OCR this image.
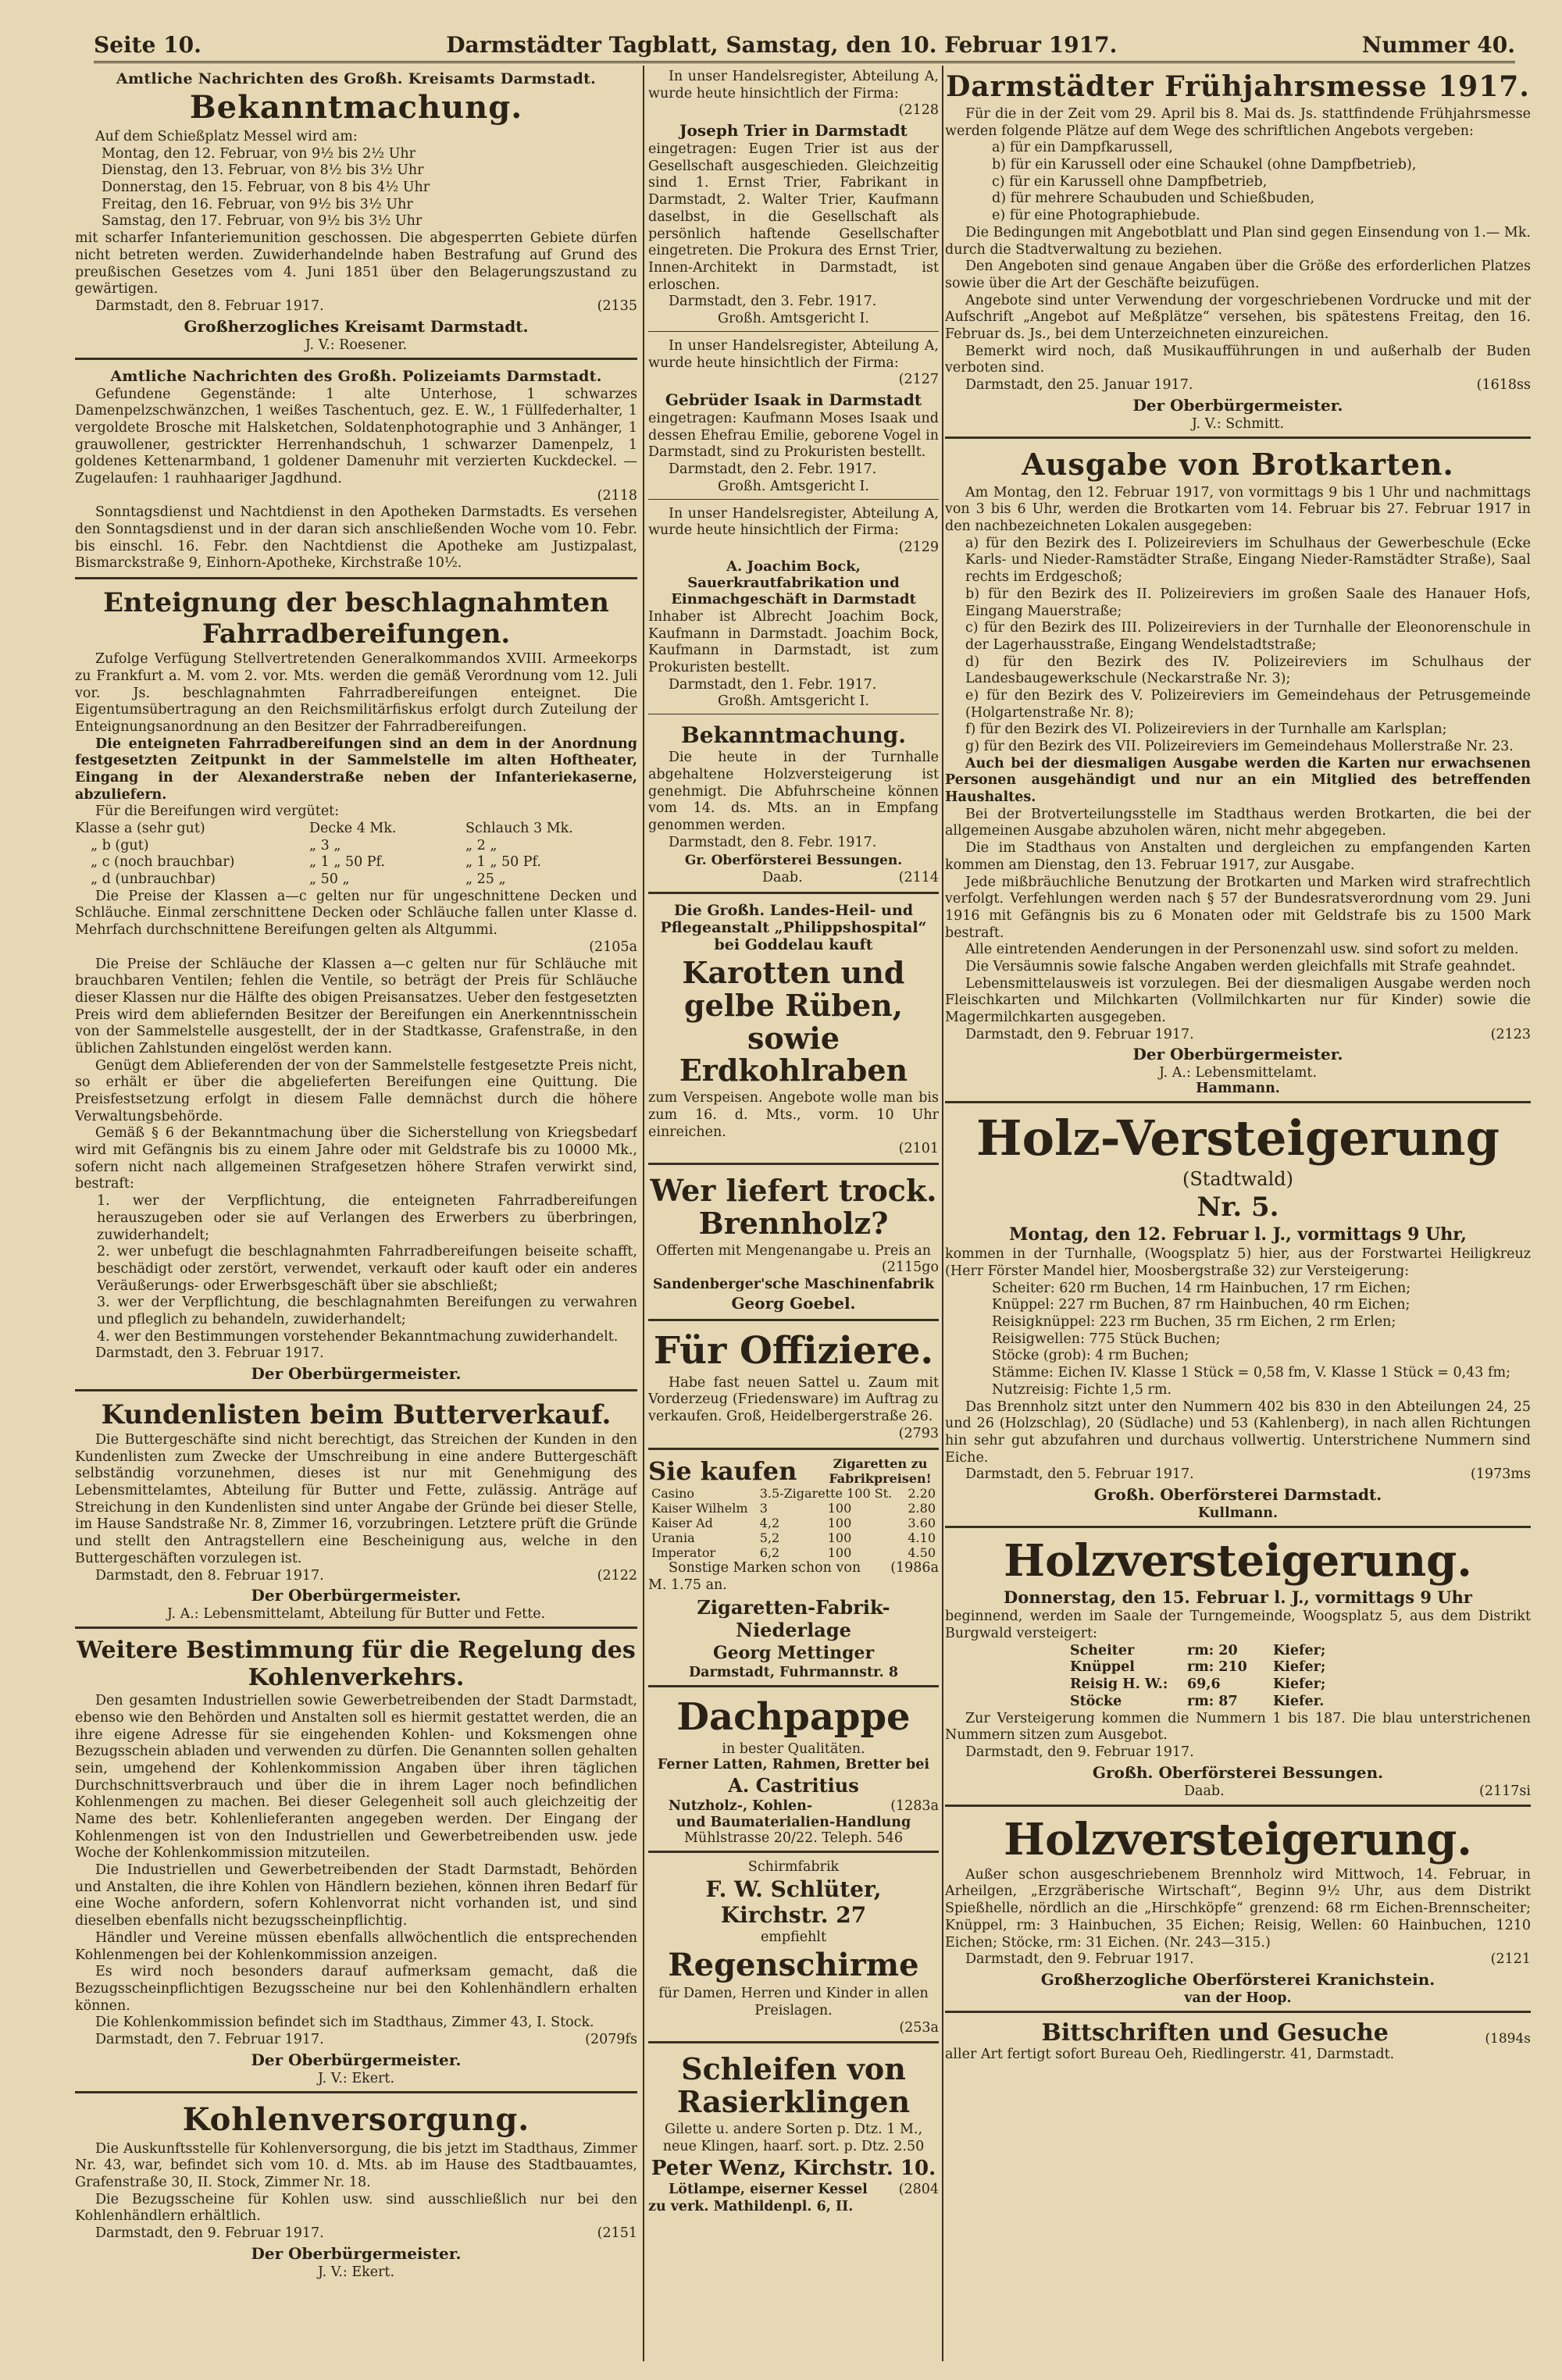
Seite 10.	Darmstädter Tagblatt, Samstag, den 10. Februar 1917.	Nummer 40.
Amtliche Nachrichten des Großh. Kreisamts Darmstadt.
Bekanntmachung.

Auf dem Schießplatz Messel wird am:

Montag, den 12. Februar, von 9½ bis 2½ Uhr

Dienstag, den 13. Februar, von 8½ bis 3½ Uhr

Donnerstag, den 15. Februar, von 8 bis 4½ Uhr

Freitag, den 16. Februar, von 9½ bis 3½ Uhr

Samstag, den 17. Februar, von 9½ bis 3½ Uhr

mit scharfer Infanteriemunition geschossen. Die abgesperrten Gebiete dürfen nicht betreten werden. Zuwiderhandelnde haben Bestrafung auf Grund des preußischen Gesetzes vom 4. Juni 1851 über den Belagerungszustand zu gewärtigen.

Darmstadt, den 8. Februar 1917.	(2135
Großherzogliches Kreisamt Darmstadt.
J. V.: Roesener.
Amtliche Nachrichten des Großh. Polizeiamts Darmstadt.

Gefundene Gegenstände: 1 alte Unterhose, 1 schwarzes Damenpelzschwänzchen, 1 weißes Taschentuch, gez. E. W., 1 Füllfederhalter, 1 vergoldete Brosche mit Halsketchen, Soldatenphotographie und 3 Anhänger, 1 grauwollener, gestrickter Herrenhandschuh, 1 schwarzer Damenpelz, 1 goldenes Kettenarmband, 1 goldener Damenuhr mit verzierten Kuckdeckel. — Zugelaufen: 1 rauhhaariger Jagdhund.

(2118

Sonntagsdienst und Nachtdienst in den Apotheken Darmstadts. Es versehen den Sonntagsdienst und in der daran sich anschließenden Woche vom 10. Febr. bis einschl. 16. Febr. den Nachtdienst die Apotheke am Justizpalast, Bismarckstraße 9, Einhorn-Apotheke, Kirchstraße 10½.

Enteignung der beschlagnahmten Fahrradbereifungen.

Zufolge Verfügung Stellvertretenden Generalkommandos XVIII. Armeekorps zu Frankfurt a. M. vom 2. vor. Mts. werden die gemäß Verordnung vom 12. Juli vor. Js. beschlagnahmten Fahrradbereifungen enteignet. Die Eigentumsübertragung an den Reichsmilitärfiskus erfolgt durch Zuteilung der Enteignungsanordnung an den Besitzer der Fahrradbereifungen.

Die enteigneten Fahrradbereifungen sind an dem in der Anordnung festgesetzten Zeitpunkt in der Sammelstelle im alten Hoftheater, Eingang in der Alexanderstraße neben der Infanteriekaserne, abzuliefern.

Für die Bereifungen wird vergütet:

Klasse a (sehr gut)	Decke 4 Mk.	Schlauch 3 Mk.
„ b (gut)	„ 3 „	„ 2 „
„ c (noch brauchbar)	„ 1 „ 50 Pf.	„ 1 „ 50 Pf.
„ d (unbrauchbar)	„ 50 „	„ 25 „

Die Preise der Klassen a—c gelten nur für ungeschnittene Decken und Schläuche. Einmal zerschnittene Decken oder Schläuche fallen unter Klasse d. Mehrfach durchschnittene Bereifungen gelten als Altgummi.

(2105a

Die Preise der Schläuche der Klassen a—c gelten nur für Schläuche mit brauchbaren Ventilen; fehlen die Ventile, so beträgt der Preis für Schläuche dieser Klassen nur die Hälfte des obigen Preisansatzes. Ueber den festgesetzten Preis wird dem abliefernden Besitzer der Bereifungen ein Anerkenntnisschein von der Sammelstelle ausgestellt, der in der Stadtkasse, Grafenstraße, in den üblichen Zahlstunden eingelöst werden kann.

Genügt dem Ablieferenden der von der Sammelstelle festgesetzte Preis nicht, so erhält er über die abgelieferten Bereifungen eine Quittung. Die Preisfestsetzung erfolgt in diesem Falle demnächst durch die höhere Verwaltungsbehörde.

Gemäß § 6 der Bekanntmachung über die Sicherstellung von Kriegsbedarf wird mit Gefängnis bis zu einem Jahre oder mit Geldstrafe bis zu 10000 Mk., sofern nicht nach allgemeinen Strafgesetzen höhere Strafen verwirkt sind, bestraft:

1. wer der Verpflichtung, die enteigneten Fahrradbereifungen herauszugeben oder sie auf Verlangen des Erwerbers zu überbringen, zuwiderhandelt;

2. wer unbefugt die beschlagnahmten Fahrradbereifungen beiseite schafft, beschädigt oder zerstört, verwendet, verkauft oder kauft oder ein anderes Veräußerungs- oder Erwerbsgeschäft über sie abschließt;

3. wer der Verpflichtung, die beschlagnahmten Bereifungen zu verwahren und pfleglich zu behandeln, zuwiderhandelt;

4. wer den Bestimmungen vorstehender Bekanntmachung zuwiderhandelt.

Darmstadt, den 3. Februar 1917.

Der Oberbürgermeister.
Kundenlisten beim Butterverkauf.

Die Buttergeschäfte sind nicht berechtigt, das Streichen der Kunden in den Kundenlisten zum Zwecke der Umschreibung in eine andere Buttergeschäft selbständig vorzunehmen, dieses ist nur mit Genehmigung des Lebensmittelamtes, Abteilung für Butter und Fette, zulässig. Anträge auf Streichung in den Kundenlisten sind unter Angabe der Gründe bei dieser Stelle, im Hause Sandstraße Nr. 8, Zimmer 16, vorzubringen. Letztere prüft die Gründe und stellt den Antragstellern eine Bescheinigung aus, welche in den Buttergeschäften vorzulegen ist.

Darmstadt, den 8. Februar 1917.	(2122
Der Oberbürgermeister.
J. A.: Lebensmittelamt, Abteilung für Butter und Fette.
Weitere Bestimmung für die Regelung des Kohlenverkehrs.

Den gesamten Industriellen sowie Gewerbetreibenden der Stadt Darmstadt, ebenso wie den Behörden und Anstalten soll es hiermit gestattet werden, die an ihre eigene Adresse für sie eingehenden Kohlen- und Koksmengen ohne Bezugsschein abladen und verwenden zu dürfen. Die Genannten sollen gehalten sein, umgehend der Kohlenkommission Angaben über ihren täglichen Durchschnittsverbrauch und über die in ihrem Lager noch befindlichen Kohlenmengen zu machen. Bei dieser Gelegenheit soll auch gleichzeitig der Name des betr. Kohlenlieferanten angegeben werden. Der Eingang der Kohlenmengen ist von den Industriellen und Gewerbetreibenden usw. jede Woche der Kohlenkommission mitzuteilen.

Die Industriellen und Gewerbetreibenden der Stadt Darmstadt, Behörden und Anstalten, die ihre Kohlen von Händlern beziehen, können ihren Bedarf für eine Woche anfordern, sofern Kohlenvorrat nicht vorhanden ist, und sind dieselben ebenfalls nicht bezugsscheinpflichtig.

Händler und Vereine müssen ebenfalls allwöchentlich die entsprechenden Kohlenmengen bei der Kohlenkommission anzeigen.

Es wird noch besonders darauf aufmerksam gemacht, daß die Bezugsscheinpflichtigen Bezugsscheine nur bei den Kohlenhändlern erhalten können.

Die Kohlenkommission befindet sich im Stadthaus, Zimmer 43, I. Stock.

Darmstadt, den 7. Februar 1917.	(2079fs
Der Oberbürgermeister.
J. V.: Ekert.
Kohlenversorgung.

Die Auskunftsstelle für Kohlenversorgung, die bis jetzt im Stadthaus, Zimmer Nr. 43, war, befindet sich vom 10. d. Mts. ab im Hause des Stadtbauamtes, Grafenstraße 30, II. Stock, Zimmer Nr. 18.

Die Bezugsscheine für Kohlen usw. sind ausschließlich nur bei den Kohlenhändlern erhältlich.

Darmstadt, den 9. Februar 1917.	(2151
Der Oberbürgermeister.
J. V.: Ekert.

In unser Handelsregister, Abteilung A, wurde heute hinsichtlich der Firma:

(2128
Joseph Trier in Darmstadt

eingetragen: Eugen Trier ist aus der Gesellschaft ausgeschieden. Gleichzeitig sind 1. Ernst Trier, Fabrikant in Darmstadt, 2. Walter Trier, Kaufmann daselbst, in die Gesellschaft als persönlich haftende Gesellschafter eingetreten. Die Prokura des Ernst Trier, Innen-Architekt in Darmstadt, ist erloschen.

Darmstadt, den 3. Febr. 1917.

Großh. Amtsgericht I.

In unser Handelsregister, Abteilung A, wurde heute hinsichtlich der Firma:

(2127
Gebrüder Isaak in Darmstadt

eingetragen: Kaufmann Moses Isaak und dessen Ehefrau Emilie, geborene Vogel in Darmstadt, sind zu Prokuristen bestellt.

Darmstadt, den 2. Febr. 1917.

Großh. Amtsgericht I.

In unser Handelsregister, Abteilung A, wurde heute hinsichtlich der Firma:

(2129
A. Joachim Bock, Sauerkrautfabrikation und Einmachgeschäft in Darmstadt

Inhaber ist Albrecht Joachim Bock, Kaufmann in Darmstadt. Joachim Bock, Kaufmann in Darmstadt, ist zum Prokuristen bestellt.

Darmstadt, den 1. Febr. 1917.

Großh. Amtsgericht I.
Bekanntmachung.

Die heute in der Turnhalle abgehaltene Holzversteigerung ist genehmigt. Die Abfuhrscheine können vom 14. ds. Mts. an in Empfang genommen werden.

Darmstadt, den 8. Febr. 1917.

Gr. Oberförsterei Bessungen.
Daab.	(2114
Die Großh. Landes-Heil- und Pflegeanstalt „Philippshospital“ bei Goddelau kauft
Karotten und gelbe Rüben, sowie Erdkohlraben

zum Verspeisen. Angebote wolle man bis zum 16. d. Mts., vorm. 10 Uhr einreichen.

(2101
Wer liefert trock. Brennholz?

Offerten mit Mengenangabe u. Preis an

(2115go
Sandenberger'sche Maschinenfabrik
Georg Goebel.
Für Offiziere.

Habe fast neuen Sattel u. Zaum mit Vorderzeug (Friedensware) im Auftrag zu verkaufen. Groß, Heidelbergerstraße 26.

(2793
Sie kaufen	Zigaretten zu Fabrikpreisen!
Casino	3.5-Zigarette 100 St.		2.20
Kaiser Wilhelm	3	100	2.80
Kaiser Ad	4,2	100	3.60
Urania	5,2	100	4.10
Imperator	6,2	100	4.50
Sonstige Marken schon von M. 1.75 an.
(1986a
Zigaretten-Fabrik-Niederlage
Georg Mettinger
Darmstadt, Fuhrmannstr. 8
Dachpappe
in bester Qualitäten.
Ferner Latten, Rahmen, Bretter bei
A. Castritius
Nutzholz-, Kohlen-	(1283a
und Baumaterialien-Handlung
Mühlstrasse 20/22. Teleph. 546
Schirmfabrik
F. W. Schlüter, Kirchstr. 27
empfiehlt
Regenschirme

für Damen, Herren und Kinder in allen Preislagen.

(253a
Schleifen von Rasierklingen

Gilette u. andere Sorten p. Dtz. 1 M., neue Klingen, haarf. sort. p. Dtz. 2.50

Peter Wenz, Kirchstr. 10.
Lötlampe, eiserner Kessel zu verk. Mathildenpl. 6, II.
(2804
Darmstädter Frühjahrsmesse 1917.

Für die in der Zeit vom 29. April bis 8. Mai ds. Js. stattfindende Frühjahrsmesse werden folgende Plätze auf dem Wege des schriftlichen Angebots vergeben:

a) für ein Dampfkarussell,

b) für ein Karussell oder eine Schaukel (ohne Dampfbetrieb),

c) für ein Karussell ohne Dampfbetrieb,

d) für mehrere Schaubuden und Schießbuden,

e) für eine Photographiebude.

Die Bedingungen mit Angebotblatt und Plan sind gegen Einsendung von 1.— Mk. durch die Stadtverwaltung zu beziehen.

Den Angeboten sind genaue Angaben über die Größe des erforderlichen Platzes sowie über die Art der Geschäfte beizufügen.

Angebote sind unter Verwendung der vorgeschriebenen Vordrucke und mit der Aufschrift „Angebot auf Meßplätze“ versehen, bis spätestens Freitag, den 16. Februar ds. Js., bei dem Unterzeichneten einzureichen.

Bemerkt wird noch, daß Musikaufführungen in und außerhalb der Buden verboten sind.

Darmstadt, den 25. Januar 1917.	(1618ss
Der Oberbürgermeister.
J. V.: Schmitt.
Ausgabe von Brotkarten.

Am Montag, den 12. Februar 1917, von vormittags 9 bis 1 Uhr und nachmittags von 3 bis 6 Uhr, werden die Brotkarten vom 14. Februar bis 27. Februar 1917 in den nachbezeichneten Lokalen ausgegeben:

a) für den Bezirk des I. Polizeireviers im Schulhaus der Gewerbeschule (Ecke Karls- und Nieder-Ramstädter Straße, Eingang Nieder-Ramstädter Straße), Saal rechts im Erdgeschoß;

b) für den Bezirk des II. Polizeireviers im großen Saale des Hanauer Hofs, Eingang Mauerstraße;

c) für den Bezirk des III. Polizeireviers in der Turnhalle der Eleonorenschule in der Lagerhausstraße, Eingang Wendelstadtstraße;

d) für den Bezirk des IV. Polizeireviers im Schulhaus der Landesbaugewerkschule (Neckarstraße Nr. 3);

e) für den Bezirk des V. Polizeireviers im Gemeindehaus der Petrusgemeinde (Holgartenstraße Nr. 8);

f) für den Bezirk des VI. Polizeireviers in der Turnhalle am Karlsplan;

g) für den Bezirk des VII. Polizeireviers im Gemeindehaus Mollerstraße Nr. 23.

Auch bei der diesmaligen Ausgabe werden die Karten nur erwachsenen Personen ausgehändigt und nur an ein Mitglied des betreffenden Haushaltes.

Bei der Brotverteilungsstelle im Stadthaus werden Brotkarten, die bei der allgemeinen Ausgabe abzuholen wären, nicht mehr abgegeben.

Die im Stadthaus von Anstalten und dergleichen zu empfangenden Karten kommen am Dienstag, den 13. Februar 1917, zur Ausgabe.

Jede mißbräuchliche Benutzung der Brotkarten und Marken wird strafrechtlich verfolgt. Verfehlungen werden nach § 57 der Bundesratsverordnung vom 29. Juni 1916 mit Gefängnis bis zu 6 Monaten oder mit Geldstrafe bis zu 1500 Mark bestraft.

Alle eintretenden Aenderungen in der Personenzahl usw. sind sofort zu melden.

Die Versäumnis sowie falsche Angaben werden gleichfalls mit Strafe geahndet.

Lebensmittelausweis ist vorzulegen. Bei der diesmaligen Ausgabe werden noch Fleischkarten und Milchkarten (Vollmilchkarten nur für Kinder) sowie die Magermilchkarten ausgegeben.

Darmstadt, den 9. Februar 1917.	(2123
Der Oberbürgermeister.
J. A.: Lebensmittelamt.
Hammann.
Holz-Versteigerung
(Stadtwald)
Nr. 5.
Montag, den 12. Februar l. J., vormittags 9 Uhr,

kommen in der Turnhalle, (Woogsplatz 5) hier, aus der Forstwartei Heiligkreuz (Herr Förster Mandel hier, Moosbergstraße 32) zur Versteigerung:

Scheiter: 620 rm Buchen, 14 rm Hainbuchen, 17 rm Eichen;

Knüppel: 227 rm Buchen, 87 rm Hainbuchen, 40 rm Eichen;

Reisigknüppel: 223 rm Buchen, 35 rm Eichen, 2 rm Erlen;

Reisigwellen: 775 Stück Buchen;

Stöcke (grob): 4 rm Buchen;

Stämme: Eichen IV. Klasse 1 Stück = 0,58 fm, V. Klasse 1 Stück = 0,43 fm;

Nutzreisig: Fichte 1,5 rm.

Das Brennholz sitzt unter den Nummern 402 bis 830 in den Abteilungen 24, 25 und 26 (Holzschlag), 20 (Südlache) und 53 (Kahlenberg), in nach allen Richtungen hin sehr gut abzufahren und durchaus vollwertig. Unterstrichene Nummern sind Eiche.

Darmstadt, den 5. Februar 1917.	(1973ms
Großh. Oberförsterei Darmstadt.
Kullmann.
Holzversteigerung.
Donnerstag, den 15. Februar l. J., vormittags 9 Uhr

beginnend, werden im Saale der Turngemeinde, Woogsplatz 5, aus dem Distrikt Burgwald versteigert:

Scheiter	rm: 20	Kiefer;
Knüppel	rm: 210	Kiefer;
Reisig H. W.:	69,6	Kiefer;
Stöcke	rm: 87	Kiefer.

Zur Versteigerung kommen die Nummern 1 bis 187. Die blau unterstrichenen Nummern sitzen zum Ausgebot.

Darmstadt, den 9. Februar 1917.

Großh. Oberförsterei Bessungen.
Daab.	(2117si
Holzversteigerung.

Außer schon ausgeschriebenem Brennholz wird Mittwoch, 14. Februar, in Arheilgen, „Erzgräberische Wirtschaft“, Beginn 9½ Uhr, aus dem Distrikt Spießhelle, nördlich an die „Hirschköpfe“ grenzend: 68 rm Eichen-Brennscheiter; Knüppel, rm: 3 Hainbuchen, 35 Eichen; Reisig, Wellen: 60 Hainbuchen, 1210 Eichen; Stöcke, rm: 31 Eichen. (Nr. 243—315.)

Darmstadt, den 9. Februar 1917.	(2121
Großherzogliche Oberförsterei Kranichstein.
van der Hoop.
Bittschriften und Gesuche	(1894s

aller Art fertigt sofort Bureau Oeh, Riedlingerstr. 41, Darmstadt.
